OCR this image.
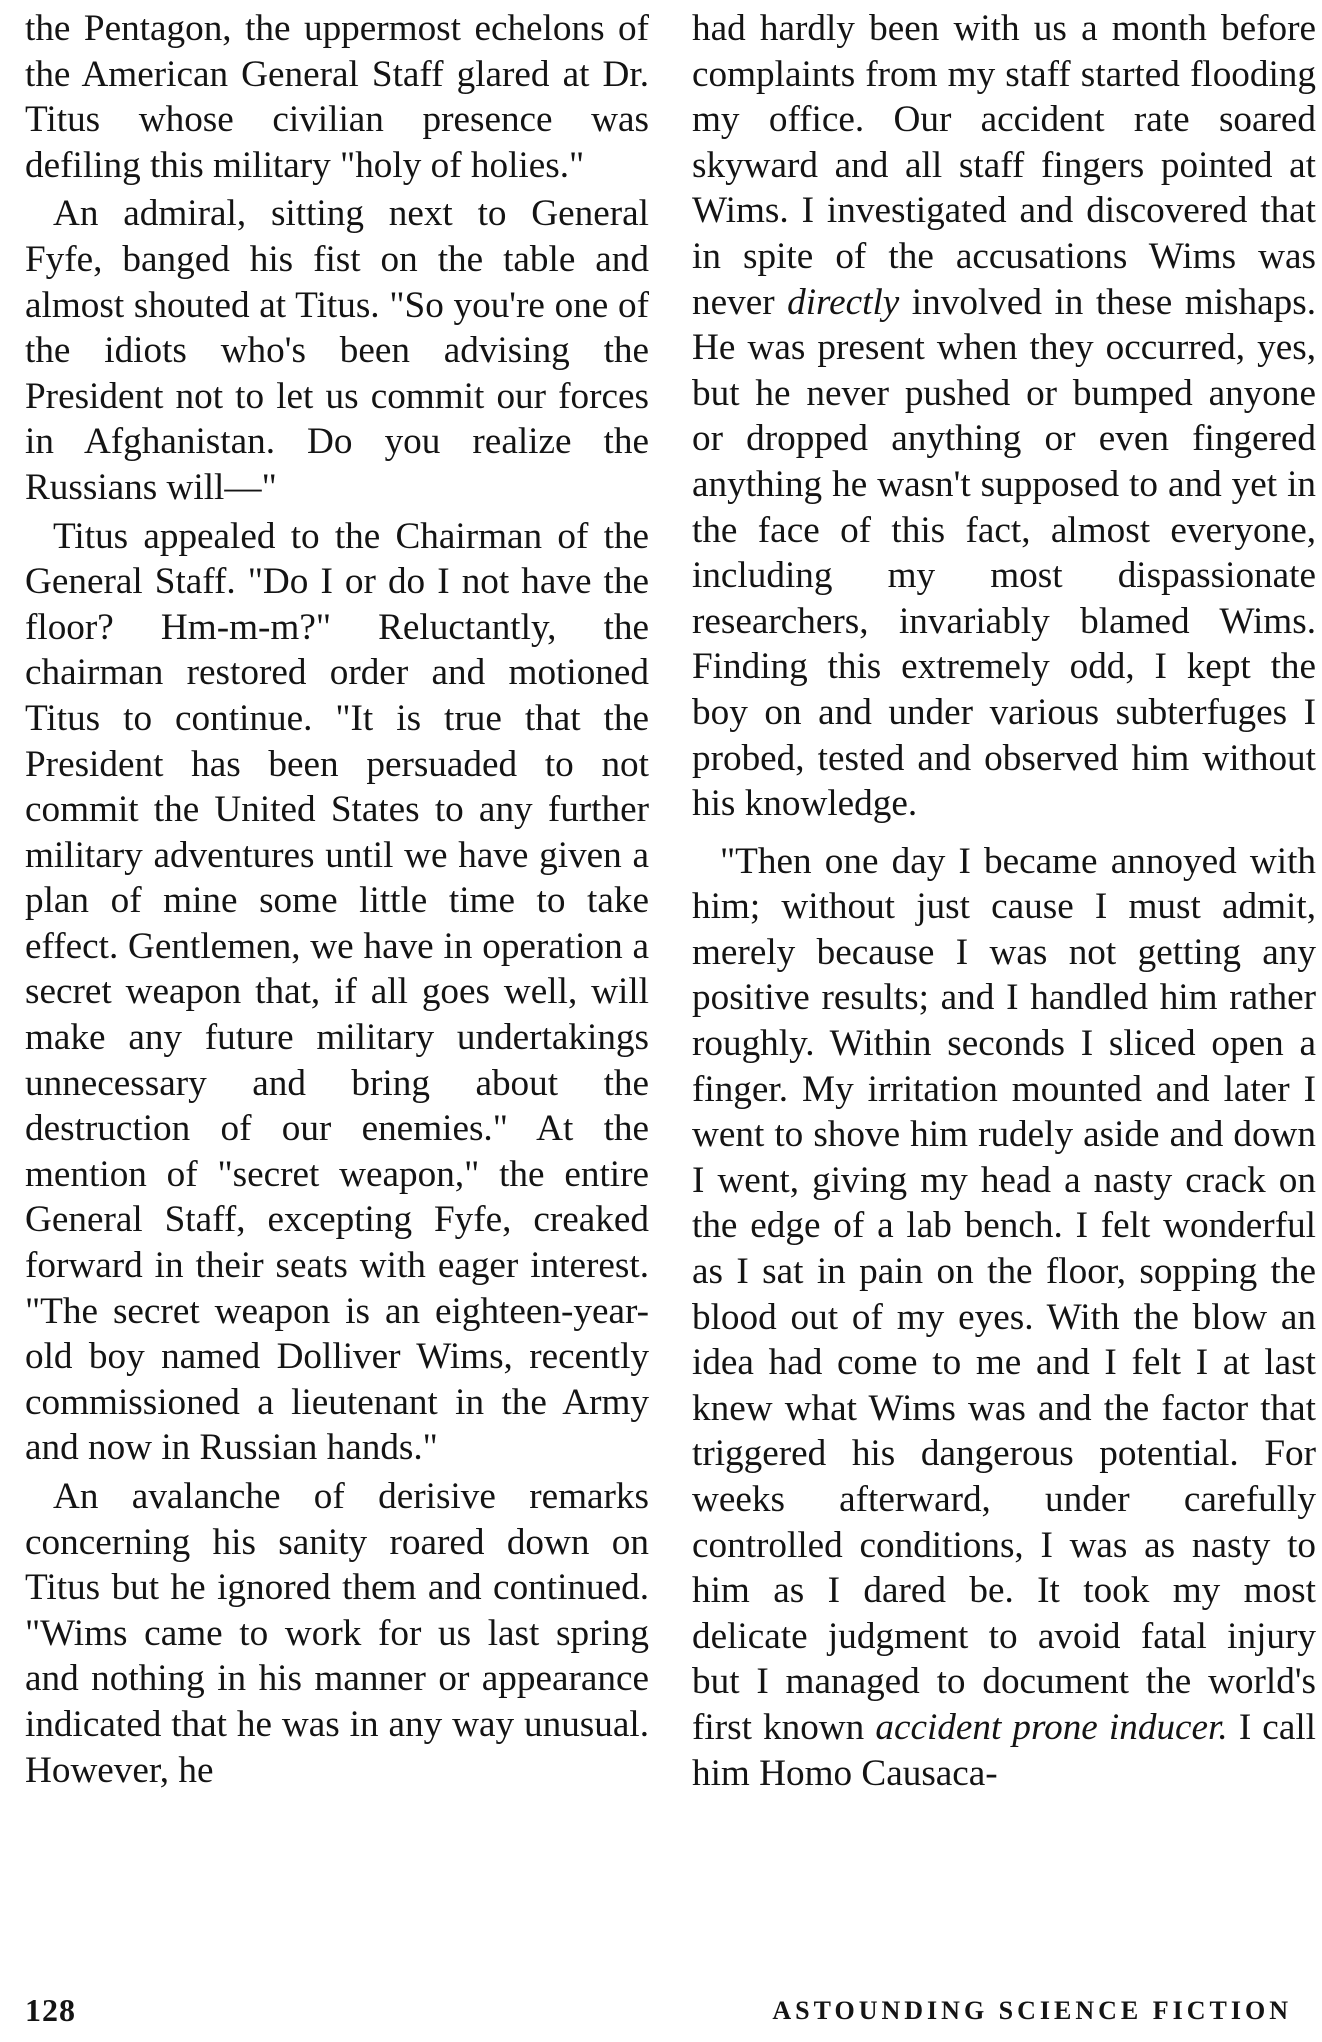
the Pentagon, the uppermost echelons of the American General Staff glared at Dr. Titus whose civilian presence was defiling this military "holy of holies."

An admiral, sitting next to General Fyfe, banged his fist on the table and almost shouted at Titus. "So you're one of the idiots who's been advising the President not to let us commit our forces in Afghanistan. Do you realize the Russians will—"

Titus appealed to the Chairman of the General Staff. "Do I or do I not have the floor? Hm-m-m?" Reluctantly, the chairman restored order and motioned Titus to continue. "It is true that the President has been persuaded to not commit the United States to any further military adventures until we have given a plan of mine some little time to take effect. Gentlemen, we have in operation a secret weapon that, if all goes well, will make any future military undertakings unnecessary and bring about the destruction of our enemies." At the mention of "secret weapon," the entire General Staff, excepting Fyfe, creaked forward in their seats with eager interest. "The secret weapon is an eighteen-year-old boy named Dolliver Wims, recently commissioned a lieutenant in the Army and now in Russian hands."

An avalanche of derisive remarks concerning his sanity roared down on Titus but he ignored them and continued. "Wims came to work for us last spring and nothing in his manner or appearance indicated that he was in any way unusual. However, he

had hardly been with us a month before complaints from my staff started flooding my office. Our accident rate soared skyward and all staff fingers pointed at Wims. I investigated and discovered that in spite of the accusations Wims was never directly involved in these mishaps. He was present when they occurred, yes, but he never pushed or bumped anyone or dropped anything or even fingered anything he wasn't supposed to and yet in the face of this fact, almost everyone, including my most dispassionate researchers, invariably blamed Wims. Finding this extremely odd, I kept the boy on and under various subterfuges I probed, tested and observed him without his knowledge.

"Then one day I became annoyed with him; without just cause I must admit, merely because I was not getting any positive results; and I handled him rather roughly. Within seconds I sliced open a finger. My irritation mounted and later I went to shove him rudely aside and down I went, giving my head a nasty crack on the edge of a lab bench. I felt wonderful as I sat in pain on the floor, sopping the blood out of my eyes. With the blow an idea had come to me and I felt I at last knew what Wims was and the factor that triggered his dangerous potential. For weeks afterward, under carefully controlled conditions, I was as nasty to him as I dared be. It took my most delicate judgment to avoid fatal injury but I managed to document the world's first known accident prone inducer. I call him Homo Causaca-

128	ASTOUNDING SCIENCE FICTION
